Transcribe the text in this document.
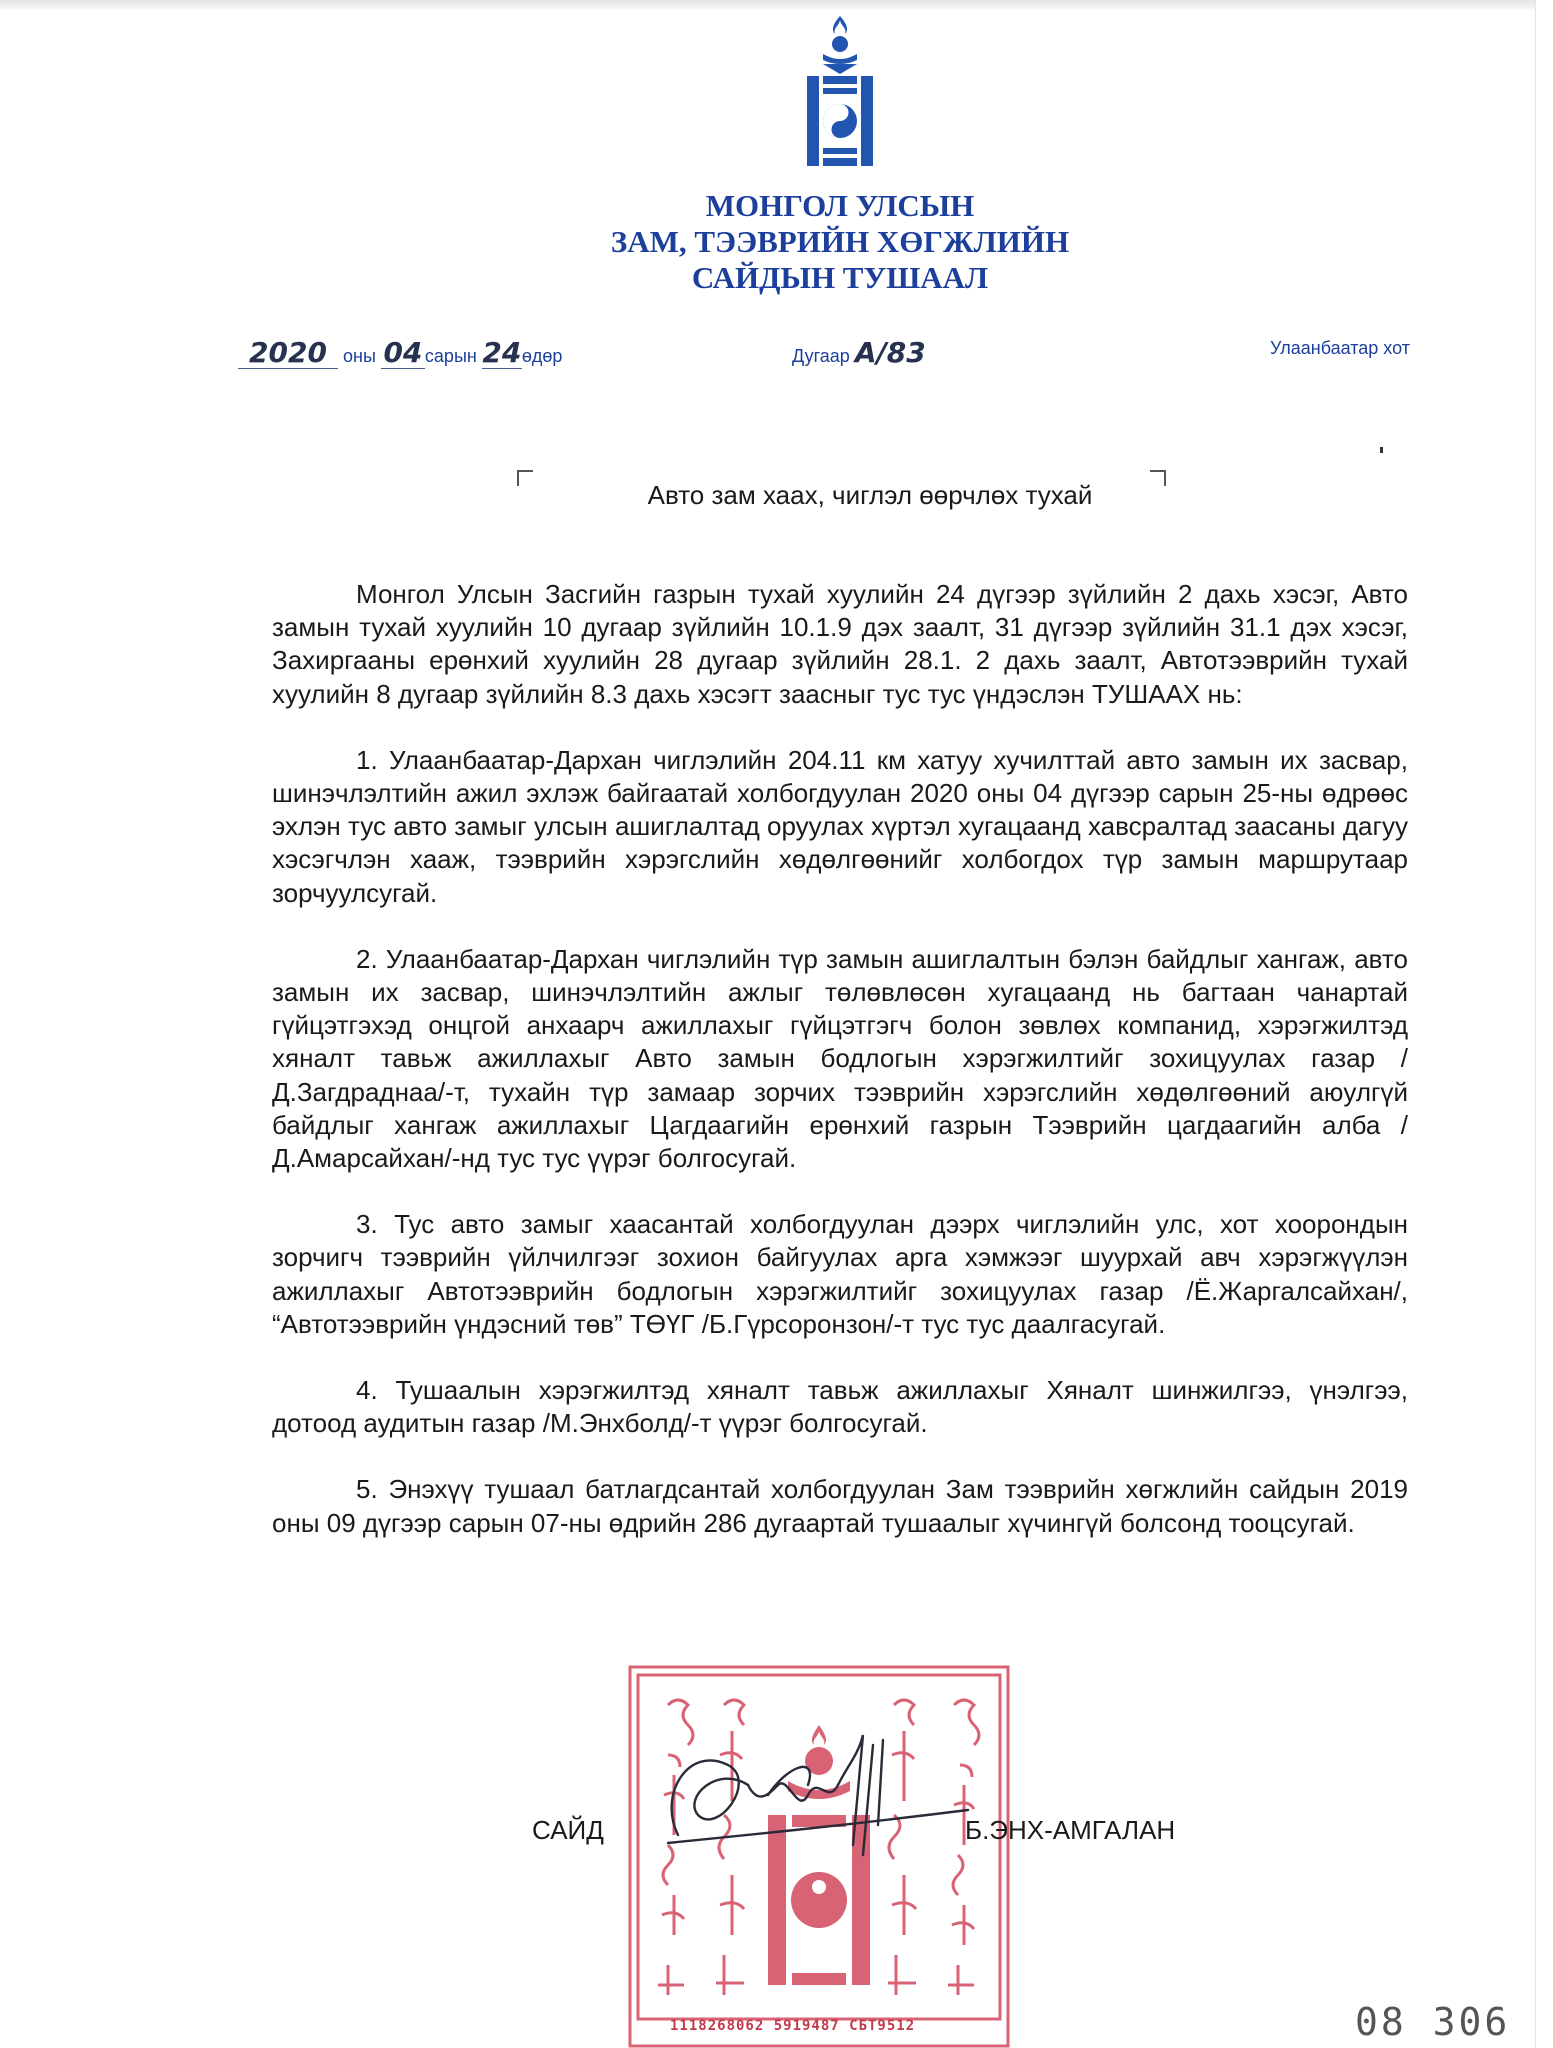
МОНГОЛ УЛСЫН
ЗАМ, ТЭЭВРИЙН ХӨГЖЛИЙН
САЙДЫН ТУШААЛ
2020 оны 04 сарын 24өдөр	Дугаар A/83	Улаанбаатар хот
Авто зам хаах, чиглэл өөрчлөх тухай

Монгол Улсын Засгийн газрын тухай хуулийн 24 дүгээр зүйлийн 2 дахь хэсэг, Авто замын тухай хуулийн 10 дугаар зүйлийн 10.1.9 дэх заалт, 31 дүгээр зүйлийн 31.1 дэх хэсэг, Захиргааны ерөнхий хуулийн 28 дугаар зүйлийн 28.1. 2 дахь заалт, Автотээврийн тухай хуулийн 8 дугаар зүйлийн 8.3 дахь хэсэгт заасныг тус тус үндэслэн ТУШААХ нь:

1. Улаанбаатар-Дархан чиглэлийн 204.11 км хатуу хучилттай авто замын их засвар, шинэчлэлтийн ажил эхлэж байгаатай холбогдуулан 2020 оны 04 дүгээр сарын 25-ны өдрөөс эхлэн тус авто замыг улсын ашиглалтад оруулах хүртэл хугацаанд хавсралтад заасаны дагуу хэсэгчлэн хааж, тээврийн хэрэгслийн хөдөлгөөнийг холбогдох түр замын маршрутаар зорчуулсугай.

2. Улаанбаатар-Дархан чиглэлийн түр замын ашиглалтын бэлэн байдлыг хангаж, авто замын их засвар, шинэчлэлтийн ажлыг төлөвлөсөн хугацаанд нь багтаан чанартай гүйцэтгэхэд онцгой анхаарч ажиллахыг гүйцэтгэгч болон зөвлөх компанид, хэрэгжилтэд хяналт тавьж ажиллахыг Авто замын бодлогын хэрэгжилтийг зохицуулах газар /Д.Загдраднаа/-т, тухайн түр замаар зорчих тээврийн хэрэгслийн хөдөлгөөний аюулгүй байдлыг хангаж ажиллахыг Цагдаагийн ерөнхий газрын Тээврийн цагдаагийн алба /Д.Амарсайхан/-нд тус тус үүрэг болгосугай.

3. Тус авто замыг хаасантай холбогдуулан дээрх чиглэлийн улс, хот хоорондын зорчигч тээврийн үйлчилгээг зохион байгуулах арга хэмжээг шуурхай авч хэрэгжүүлэн ажиллахыг Автотээврийн бодлогын хэрэгжилтийг зохицуулах газар /Ё.Жаргалсайхан/, “Автотээврийн үндэсний төв” ТӨҮГ /Б.Гүрсоронзон/-т тус тус даалгасугай.

4. Тушаалын хэрэгжилтэд хяналт тавьж ажиллахыг Хяналт шинжилгээ, үнэлгээ, дотоод аудитын газар /М.Энхболд/-т үүрэг болгосугай.

5. Энэхүү тушаал батлагдсантай холбогдуулан Зам тээврийн хөгжлийн сайдын 2019 оны 09 дүгээр сарын 07-ны өдрийн 286 дугаартай тушаалыг хүчингүй болсонд тооцсугай.

САЙД	Б.ЭНХ-АМГАЛАН
1118268062 5919487 СБТ9512	08 306
